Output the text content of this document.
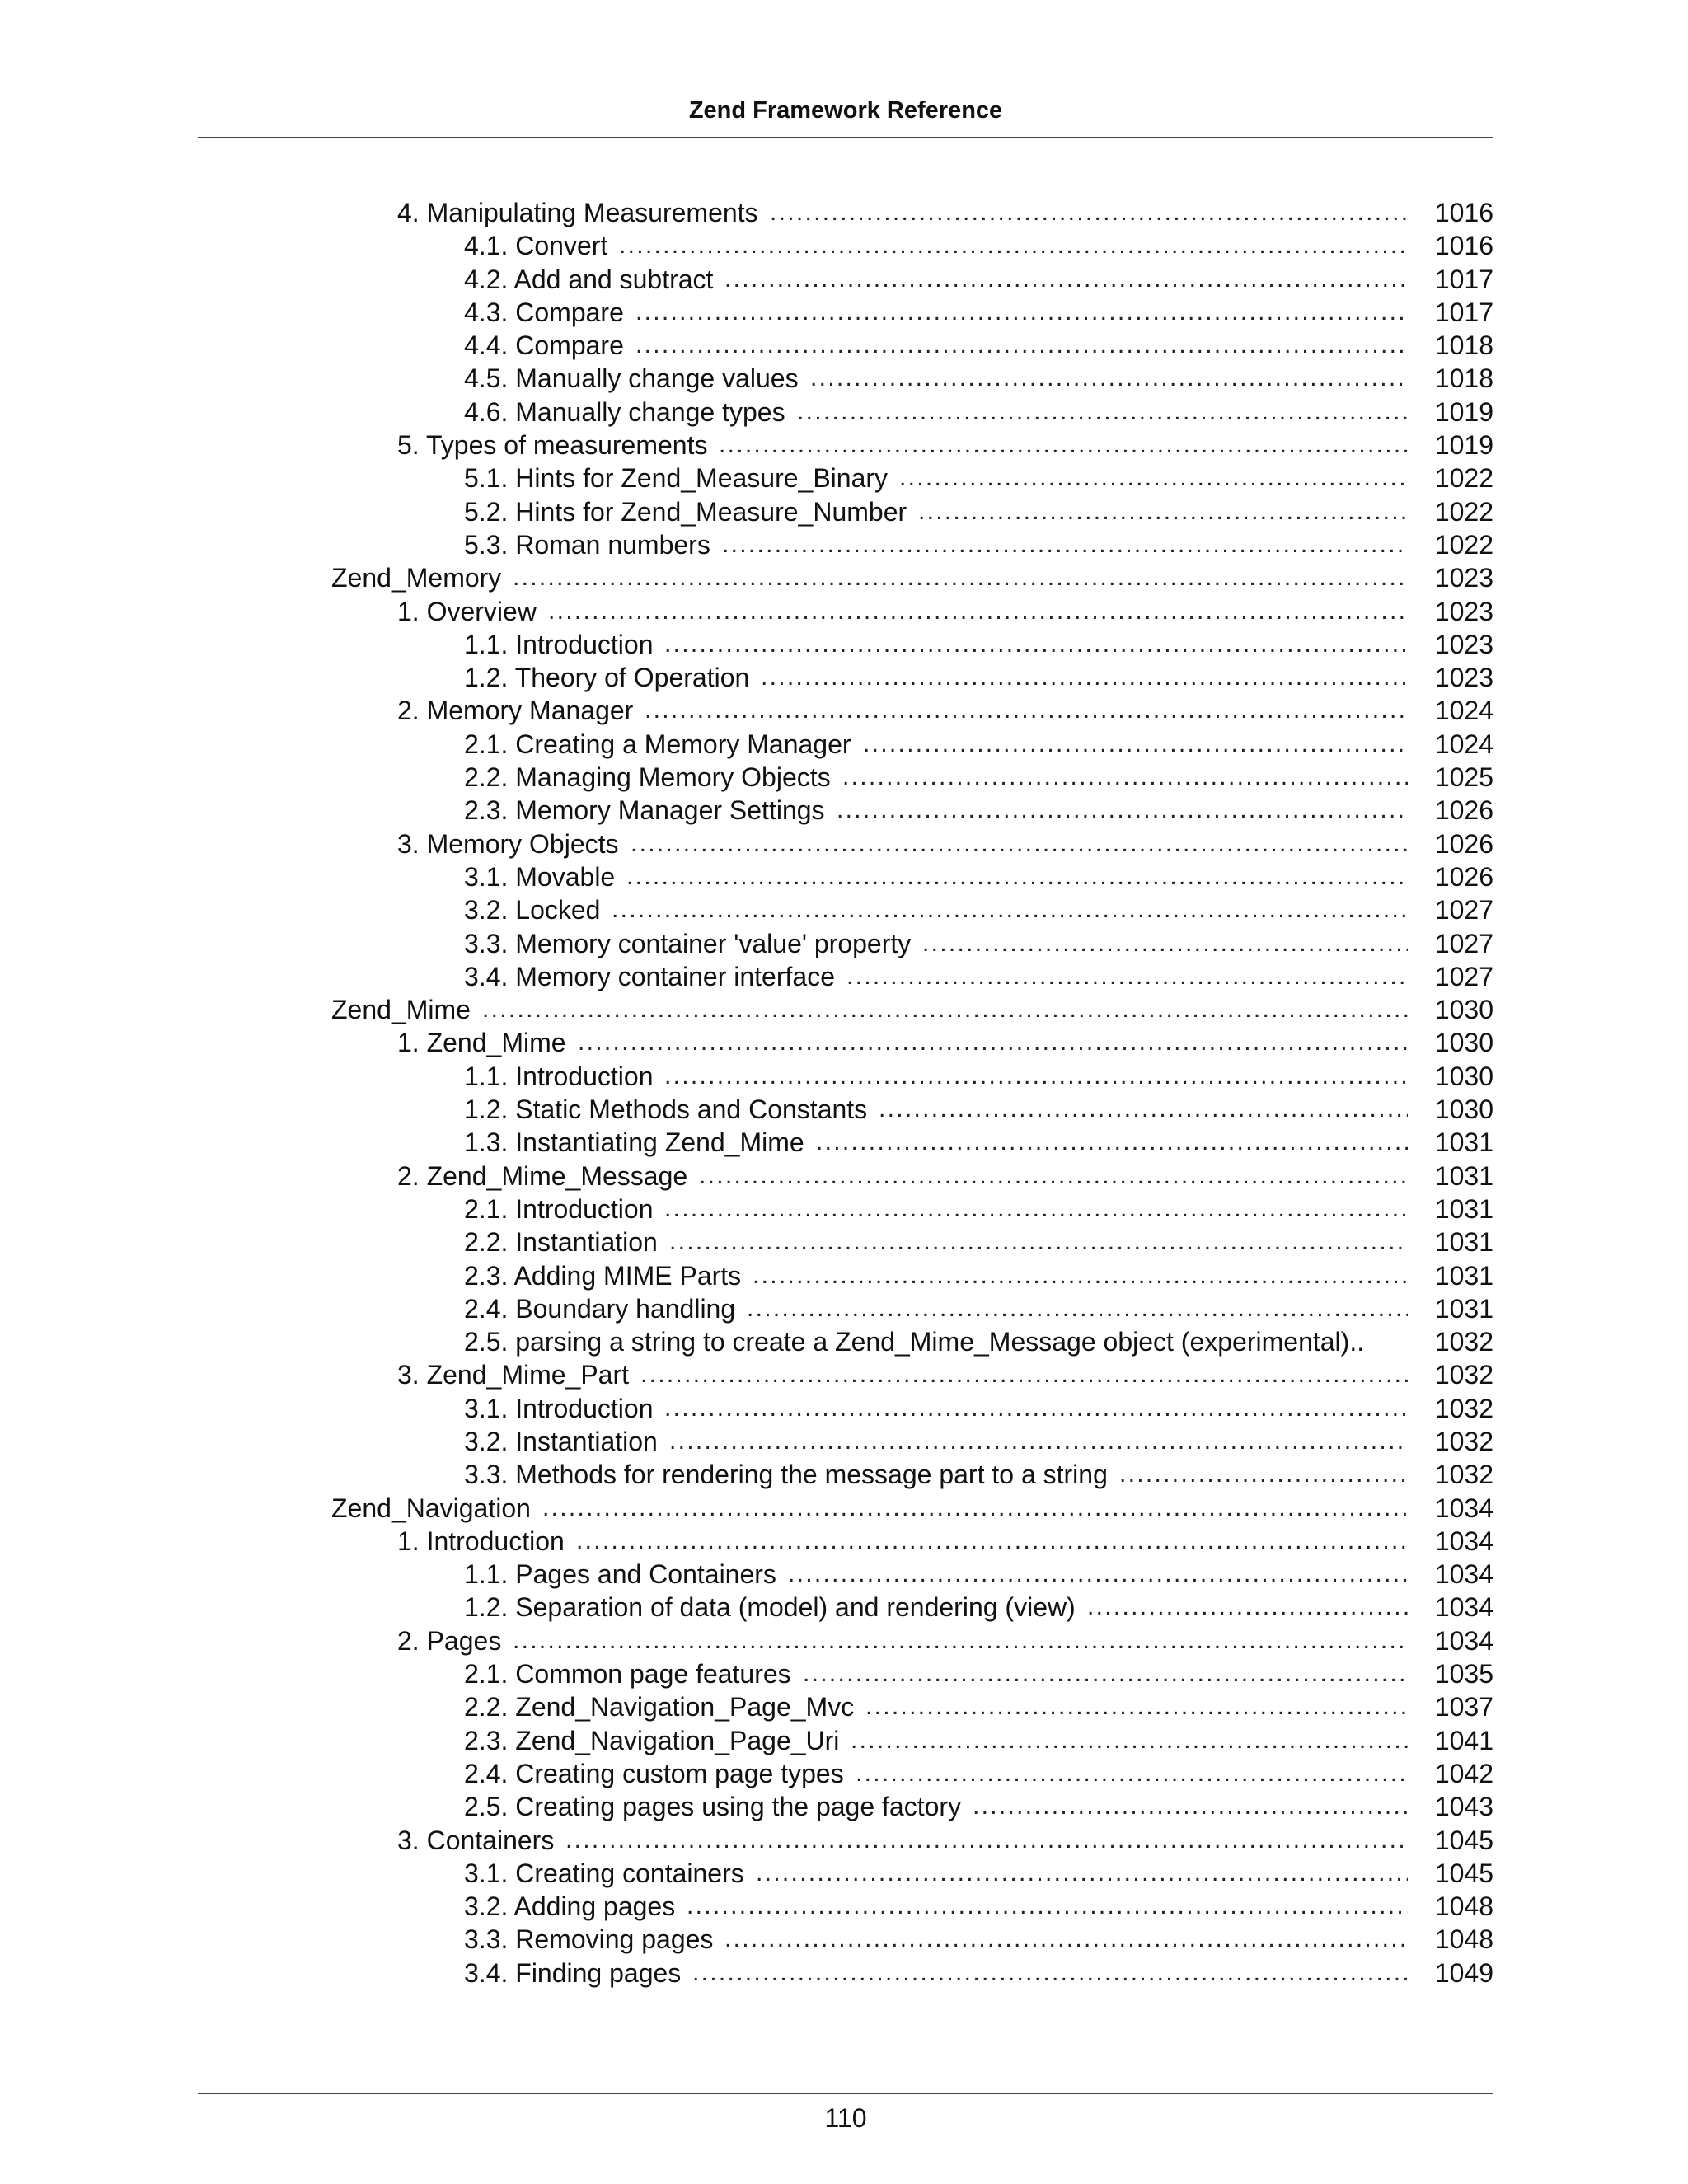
Zend Framework Reference
.....
4. Manipulating Measurements	1016
.....
4.1. Convert	1016
.....
4.2. Add and subtract	1017
.....
4.3. Compare	1017
.....
4.4. Compare	1018
.....
4.5. Manually change values	1018
.....
4.6. Manually change types	1019
.....
5. Types of measurements	1019
.....
5.1. Hints for Zend_Measure_Binary	1022
.....
5.2. Hints for Zend_Measure_Number	1022
.....
5.3. Roman numbers	1022
.....
Zend_Memory	1023
.....
1. Overview	1023
.....
1.1. Introduction	1023
.....
1.2. Theory of Operation	1023
.....
2. Memory Manager	1024
.....
2.1. Creating a Memory Manager	1024
.....
2.2. Managing Memory Objects	1025
.....
2.3. Memory Manager Settings	1026
.....
3. Memory Objects	1026
.....
3.1. Movable	1026
.....
3.2. Locked	1027
.....
3.3. Memory container 'value' property	1027
.....
3.4. Memory container interface	1027
.....
Zend_Mime	1030
.....
1. Zend_Mime	1030
.....
1.1. Introduction	1030
.....
1.2. Static Methods and Constants	1030
.....
1.3. Instantiating Zend_Mime	1031
.....
2. Zend_Mime_Message	1031
.....
2.1. Introduction	1031
.....
2.2. Instantiation	1031
.....
2.3. Adding MIME Parts	1031
.....
2.4. Boundary handling	1031
2.5. parsing a string to create a Zend_Mime_Message object (experimental)..	1032
.....
3. Zend_Mime_Part	1032
.....
3.1. Introduction	1032
.....
3.2. Instantiation	1032
.....
3.3. Methods for rendering the message part to a string	1032
.....
Zend_Navigation	1034
.....
1. Introduction	1034
.....
1.1. Pages and Containers	1034
.....
1.2. Separation of data (model) and rendering (view)	1034
.....
2. Pages	1034
.....
2.1. Common page features	1035
.....
2.2. Zend_Navigation_Page_Mvc	1037
.....
2.3. Zend_Navigation_Page_Uri	1041
.....
2.4. Creating custom page types	1042
.....
2.5. Creating pages using the page factory	1043
.....
3. Containers	1045
.....
3.1. Creating containers	1045
.....
3.2. Adding pages	1048
.....
3.3. Removing pages	1048
.....
3.4. Finding pages	1049
110
